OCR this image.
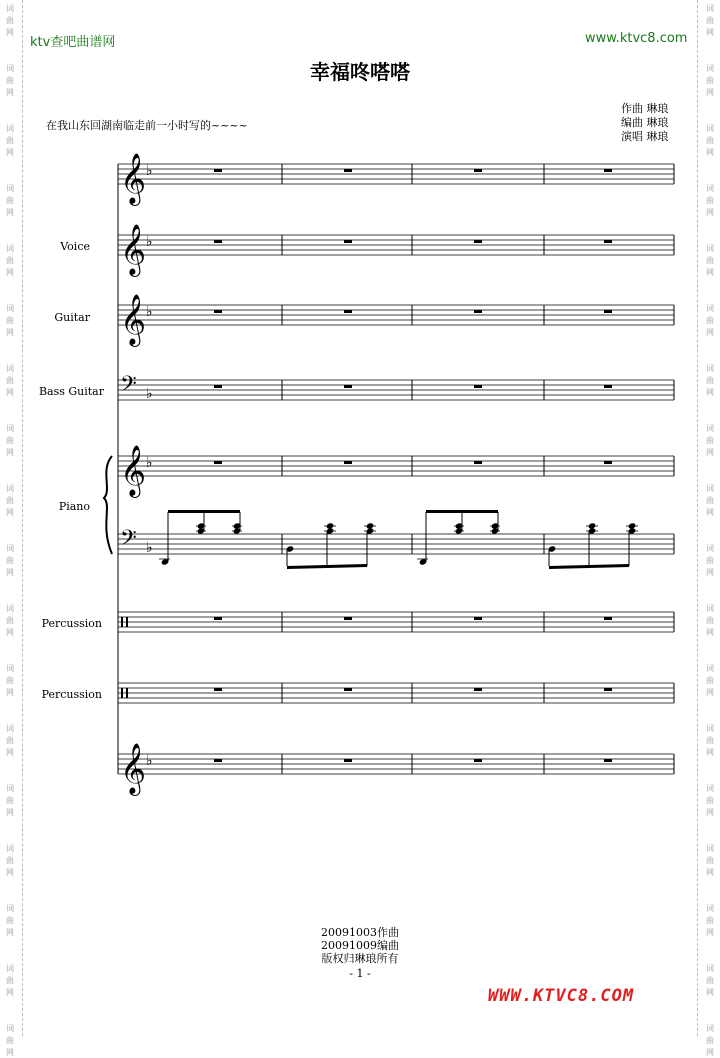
词
曲
网
词
曲
网
词
曲
网
词
曲
网
词
曲
网
词
曲
网
词
曲
网
词
曲
网
词
曲
网
词
曲
网
词
曲
网
词
曲
网
词
曲
网
词
曲
网
词
曲
网
词
曲
网
词
曲
网
词
曲
网
词
曲
网
词
曲
网
词
曲
网
词
曲
网
词
曲
网
词
曲
网
词
曲
网
词
曲
网
词
曲
网
词
曲
网
词
曲
网
词
曲
网
词
曲
网
词
曲
网
词
曲
网
词
曲
网
词
曲
网
词
曲
网
ktv查吧曲谱网	www.ktvc8.com
幸福咚嗒嗒
在我山东回湖南临走前一小时写的~~~~
作曲 琳琅
编曲 琳琅
演唱 琳琅
Voice
Guitar
Bass Guitar
Piano
Percussion
Percussion
𝄞 ♭
𝄞 ♭
𝄞 ♭
𝄢 ♭
𝄞 ♭
𝄢 ♭
𝄞 ♭
20091003作曲
20091009编曲
版权归琳琅所有
- 1 -
WWW.KTVC8.COM
